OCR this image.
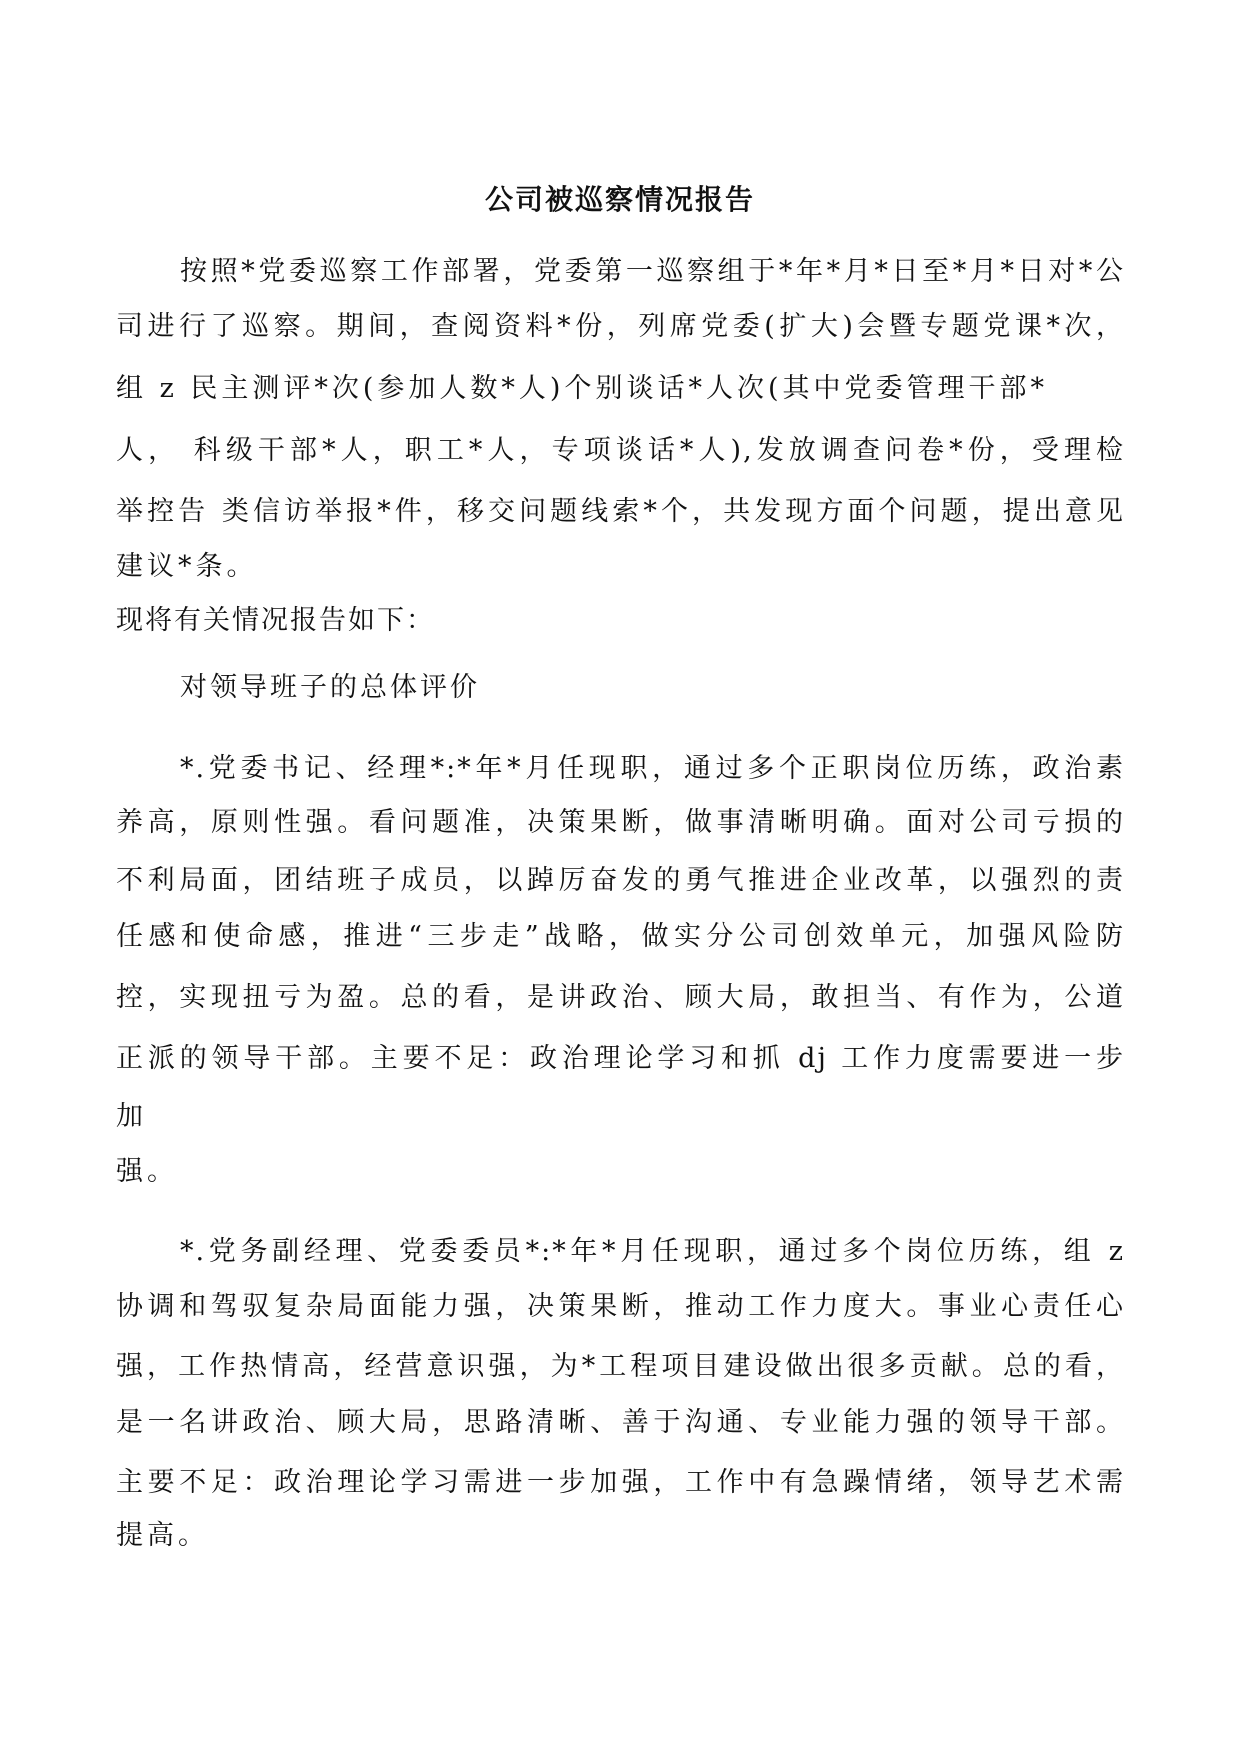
公司被巡察情况报告
按照*党委巡察工作部署，党委第一巡察组于*年*月*日至*月*日对*公
司进行了巡察。期间，查阅资料*份，列席党委(扩大)会暨专题党课*次，
组 z 民主测评*次(参加人数*人)个别谈话*人次(其中党委管理干部*
人， 科级干部*人，职工*人，专项谈话*人),发放调查问卷*份，受理检
举控告 类信访举报*件，移交问题线索*个，共发现方面个问题，提出意见
建议*条。
现将有关情况报告如下：
对领导班子的总体评价
*.党委书记、经理*:*年*月任现职，通过多个正职岗位历练，政治素
养高，原则性强。看问题准，决策果断，做事清晰明确。面对公司亏损的
不利局面，团结班子成员，以踔厉奋发的勇气推进企业改革，以强烈的责
任感和使命感，推进“三步走”战略，做实分公司创效单元，加强风险防
控，实现扭亏为盈。总的看，是讲政治、顾大局，敢担当、有作为，公道
正派的领导干部。主要不足：政治理论学习和抓 dj 工作力度需要进一步
加
强。
*.党务副经理、党委委员*:*年*月任现职，通过多个岗位历练，组 z
协调和驾驭复杂局面能力强，决策果断，推动工作力度大。事业心责任心
强，工作热情高，经营意识强，为*工程项目建设做出很多贡献。总的看，
是一名讲政治、顾大局，思路清晰、善于沟通、专业能力强的领导干部。
主要不足：政治理论学习需进一步加强，工作中有急躁情绪，领导艺术需
提高。
